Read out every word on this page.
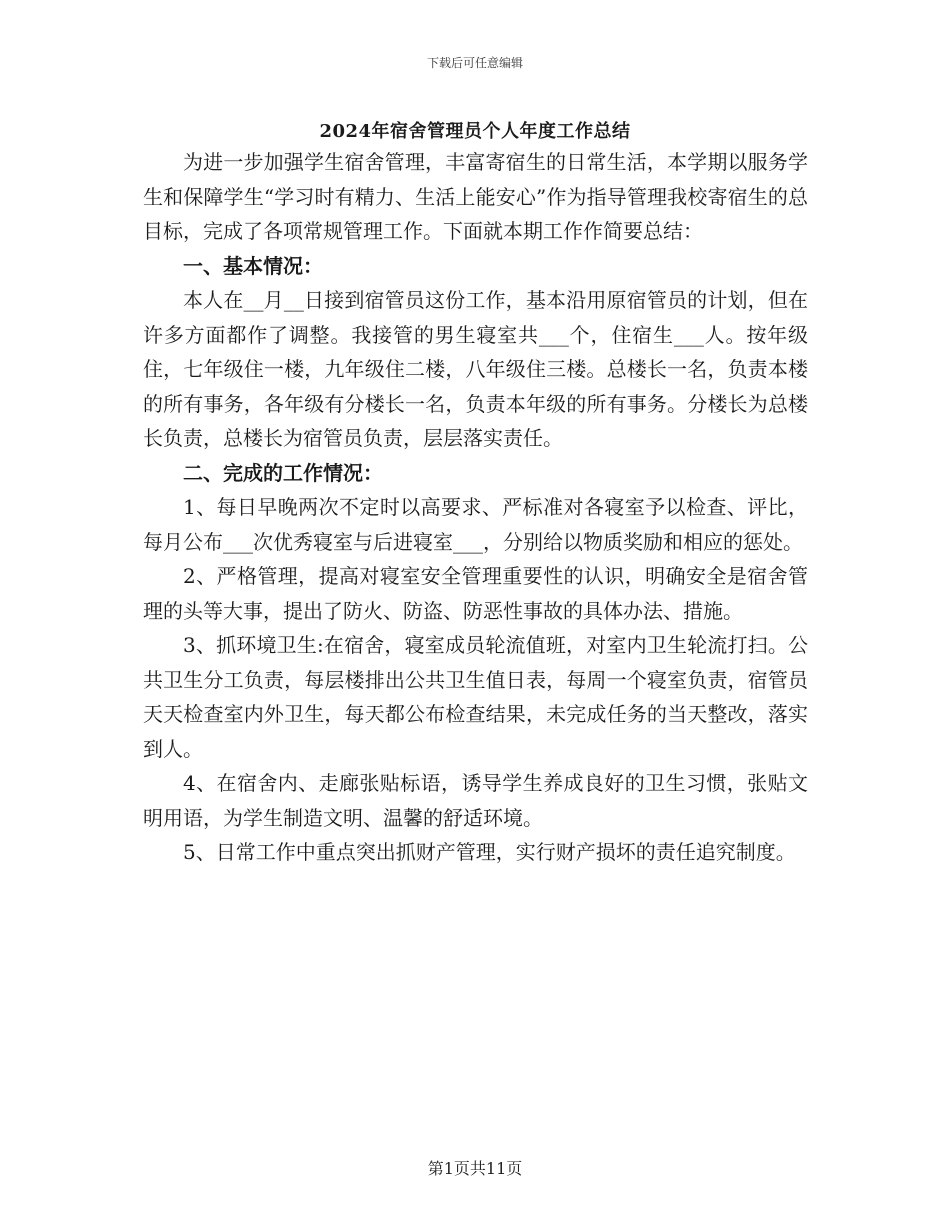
下载后可任意编辑
2024年宿舍管理员个人年度工作总结

为进一步加强学生宿舍管理，丰富寄宿生的日常生活，本学期以服务学生和保障学生“学习时有精力、生活上能安心”作为指导管理我校寄宿生的总目标，完成了各项常规管理工作。下面就本期工作作简要总结：

一、基本情况：

本人在__月__日接到宿管员这份工作，基本沿用原宿管员的计划，但在许多方面都作了调整。我接管的男生寝室共___个，住宿生___人。按年级住，七年级住一楼，九年级住二楼，八年级住三楼。总楼长一名，负责本楼的所有事务，各年级有分楼长一名，负责本年级的所有事务。分楼长为总楼长负责，总楼长为宿管员负责，层层落实责任。

二、完成的工作情况：

1、每日早晚两次不定时以高要求、严标准对各寝室予以检查、评比，每月公布___次优秀寝室与后进寝室___，分别给以物质奖励和相应的惩处。

2、严格管理，提高对寝室安全管理重要性的认识，明确安全是宿舍管理的头等大事，提出了防火、防盗、防恶性事故的具体办法、措施。

3、抓环境卫生:在宿舍，寝室成员轮流值班，对室内卫生轮流打扫。公共卫生分工负责，每层楼排出公共卫生值日表，每周一个寝室负责，宿管员天天检查室内外卫生，每天都公布检查结果，未完成任务的当天整改，落实到人。

4、在宿舍内、走廊张贴标语，诱导学生养成良好的卫生习惯，张贴文明用语，为学生制造文明、温馨的舒适环境。

5、日常工作中重点突出抓财产管理，实行财产损坏的责任追究制度。

第1页共11页
